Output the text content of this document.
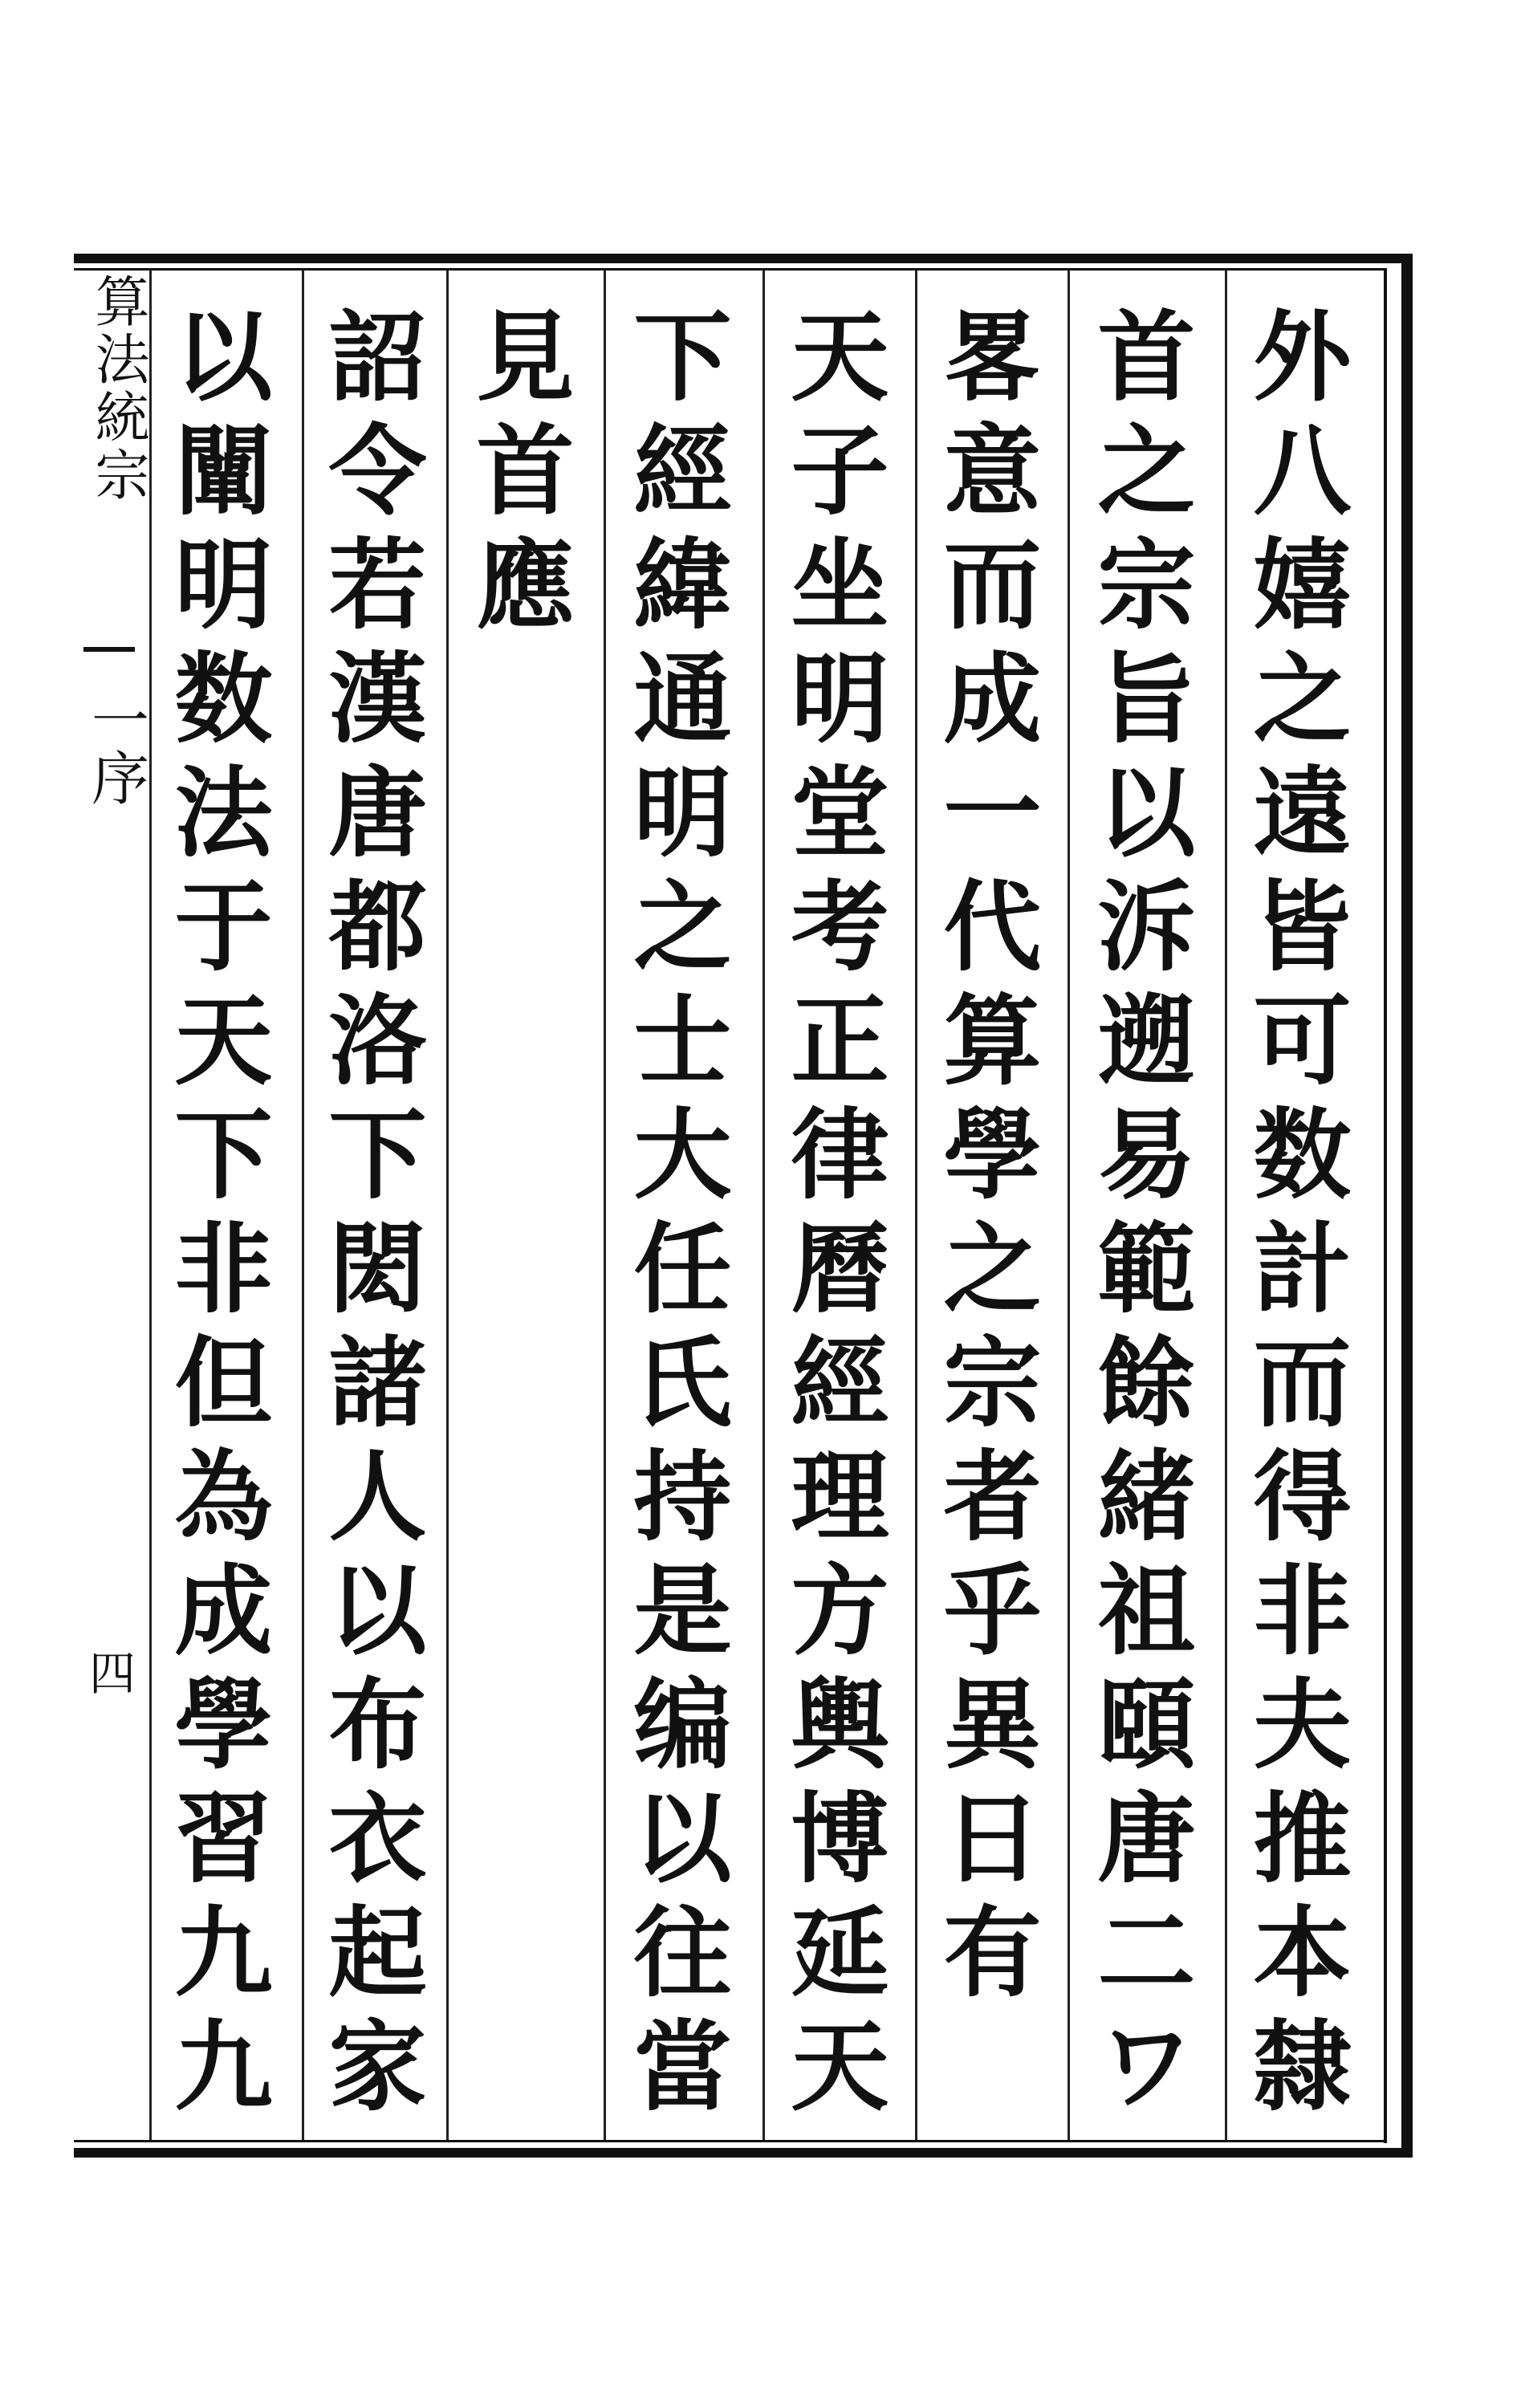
外八嬉之遠皆可数計而得非夫推本隸
首之宗旨以泝遡易範餘緒祖頤唐二ワ
畧意而成一代算學之宗者乎異日有
天子坐明堂考正律曆經理方輿博延天
下經緯通明之士大任氏持是编以往當
見首應
詔令若漢唐都洛下閎諸人以布衣起家
以闡明数法于天下非但為成學習九九
算法統宗
一序
四
